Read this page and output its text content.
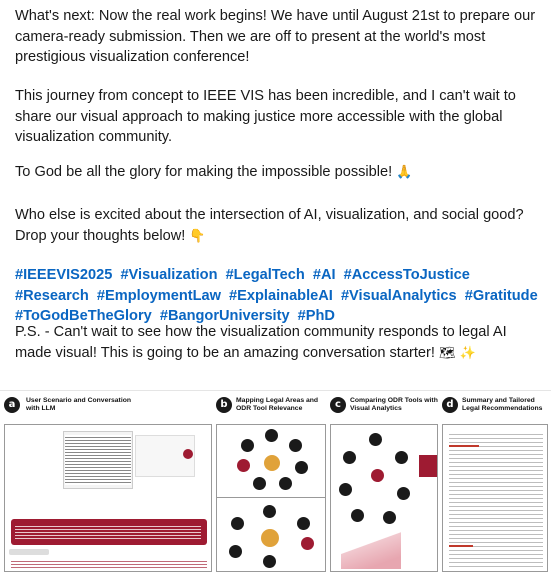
What's next: Now the real work begins! We have until August 21st to prepare our camera-ready submission. Then we are off to present at the world's most prestigious visualization conference!
This journey from concept to IEEE VIS has been incredible, and I can't wait to share our visual approach to making justice more accessible with the global visualization community.
To God be all the glory for making the impossible possible! 🙏
Who else is excited about the intersection of AI, visualization, and social good? Drop your thoughts below! 👇
#IEEEVIS2025 #Visualization #LegalTech #AI #AccessToJustice #Research #EmploymentLaw #ExplainableAI #VisualAnalytics #Gratitude #ToGodBeTheGlory #BangorUniversity #PhD
P.S. - Can't wait to see how the visualization community responds to legal AI made visual! This is going to be an amazing conversation starter! 🗺 ✨
a	User Scenario and Conversation with LLM	b	Mapping Legal Areas and ODR Tool Relevance	c	Comparing ODR Tools with Visual Analytics	d	Summary and Tailored Legal Recommendations
